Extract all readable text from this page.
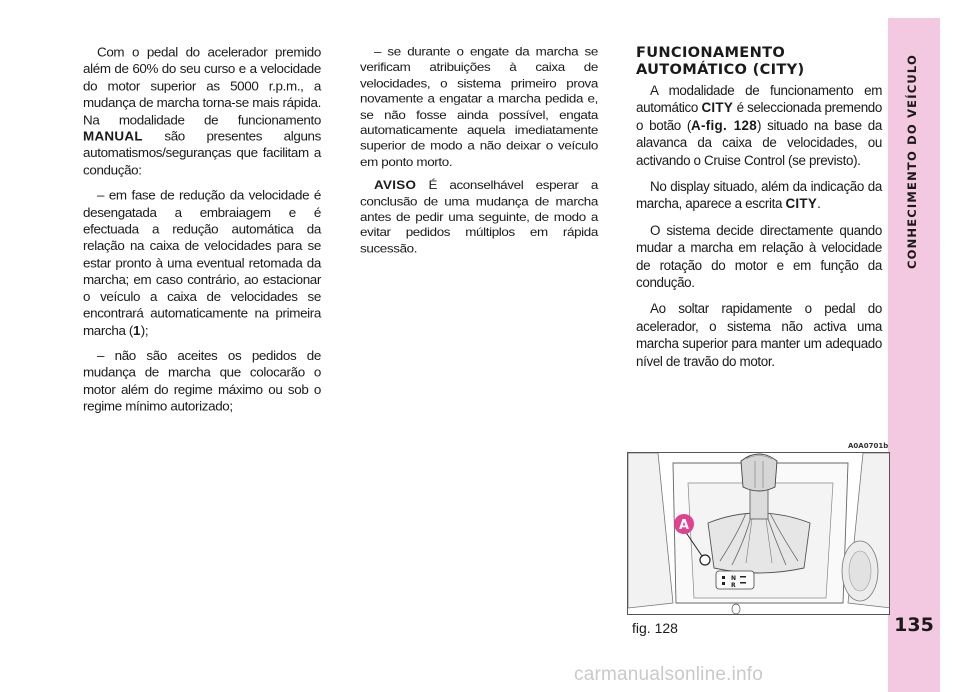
CONHECIMENTO DO VEÍCULO
135

Com o pedal do acelerador premido além de 60% do seu curso e a velocidade do motor superior as 5000 r.p.m., a mudança de marcha torna-se mais rápida. Na modalidade de funcionamento MANUAL são presentes alguns automatismos/seguranças que facilitam a condução:

– em fase de redução da velocidade é desengatada a embraiagem e é efectuada a redução automática da relação na caixa de velocidades para se estar pronto à uma eventual retomada da marcha; em caso contrário, ao estacionar o veículo a caixa de velocidades se encontrará automaticamente na primeira marcha (1);

– não são aceites os pedidos de mudança de marcha que colocarão o motor além do regime máximo ou sob o regime mínimo autorizado;

– se durante o engate da marcha se verificam atribuições à caixa de velocidades, o sistema primeiro prova novamente a engatar a marcha pedida e, se não fosse ainda possível, engata automaticamente aquela imediatamente superior de modo a não deixar o veículo em ponto morto.

AVISO É aconselhável esperar a conclusão de uma mudança de marcha antes de pedir uma seguinte, de modo a evitar pedidos múltiplos em rápida sucessão.

FUNCIONAMENTO
AUTOMÁTICO (CITY)

A modalidade de funcionamento em automático CITY é seleccionada premendo o botão (A-fig. 128) situado na base da alavanca da caixa de velocidades, ou activando o Cruise Control (se previsto).

No display situado, além da indicação da marcha, aparece a escrita CITY.

O sistema decide directamente quando mudar a marcha em relação à velocidade de rotação do motor e em função da condução.

Ao soltar rapidamente o pedal do acelerador, o sistema não activa uma marcha superior para manter um adequado nível de travão do motor.

A0A0701b
N
R
A
fig. 128
carmanualsonline.info
